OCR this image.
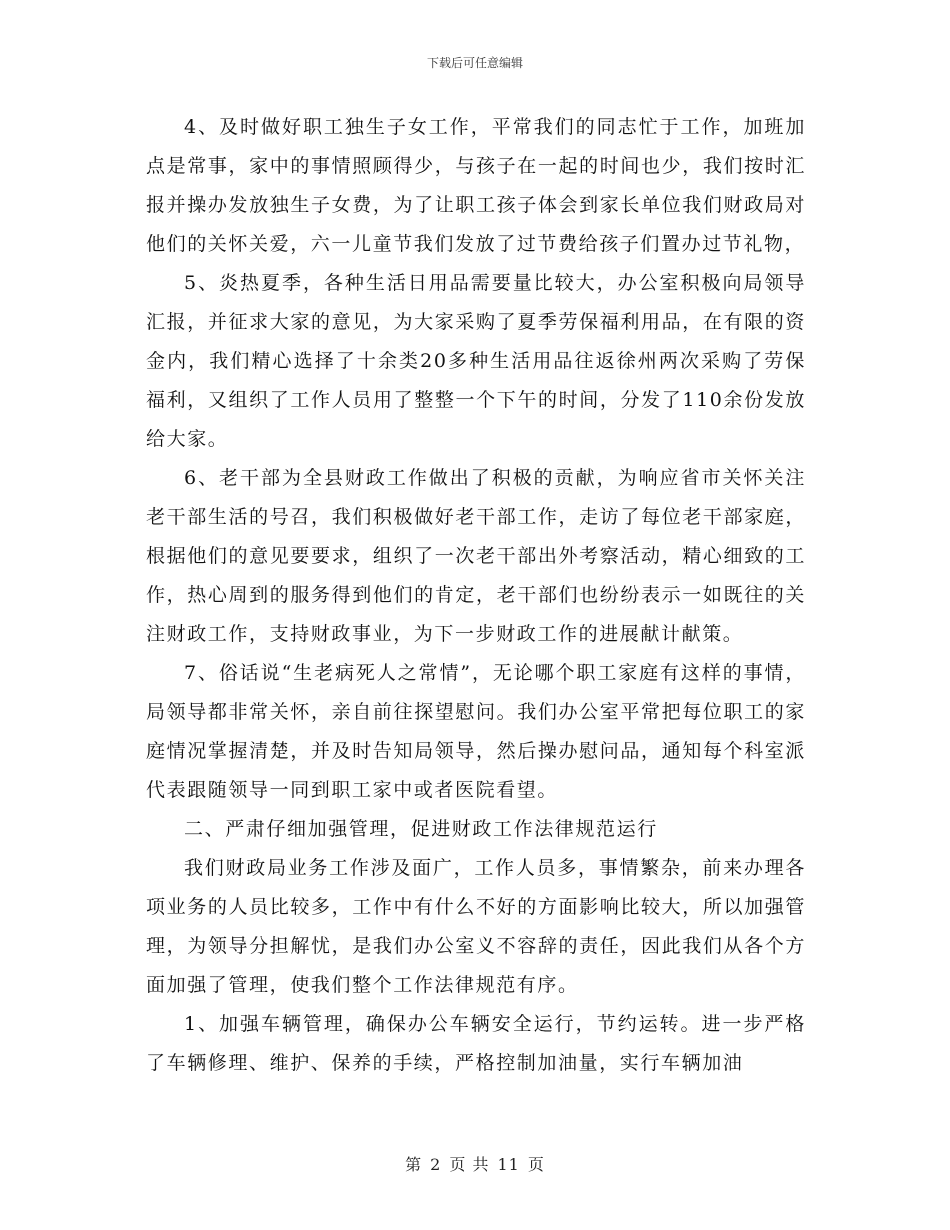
下载后可任意编辑

4、及时做好职工独生子女工作，平常我们的同志忙于工作，加班加点是常事，家中的事情照顾得少，与孩子在一起的时间也少，我们按时汇报并操办发放独生子女费，为了让职工孩子体会到家长单位我们财政局对他们的关怀关爱，六一儿童节我们发放了过节费给孩子们置办过节礼物，

5、炎热夏季，各种生活日用品需要量比较大，办公室积极向局领导汇报，并征求大家的意见，为大家采购了夏季劳保福利用品，在有限的资金内，我们精心选择了十余类20多种生活用品往返徐州两次采购了劳保福利，又组织了工作人员用了整整一个下午的时间，分发了110余份发放给大家。

6、老干部为全县财政工作做出了积极的贡献，为响应省市关怀关注老干部生活的号召，我们积极做好老干部工作，走访了每位老干部家庭，根据他们的意见要要求，组织了一次老干部出外考察活动，精心细致的工作，热心周到的服务得到他们的肯定，老干部们也纷纷表示一如既往的关注财政工作，支持财政事业，为下一步财政工作的进展献计献策。

7、俗话说“生老病死人之常情”，无论哪个职工家庭有这样的事情，局领导都非常关怀，亲自前往探望慰问。我们办公室平常把每位职工的家庭情况掌握清楚，并及时告知局领导，然后操办慰问品，通知每个科室派代表跟随领导一同到职工家中或者医院看望。

二、严肃仔细加强管理，促进财政工作法律规范运行

我们财政局业务工作涉及面广，工作人员多，事情繁杂，前来办理各项业务的人员比较多，工作中有什么不好的方面影响比较大，所以加强管理，为领导分担解忧，是我们办公室义不容辞的责任，因此我们从各个方面加强了管理，使我们整个工作法律规范有序。

1、加强车辆管理，确保办公车辆安全运行，节约运转。进一步严格了车辆修理、维护、保养的手续，严格控制加油量，实行车辆加油

第 2 页 共 11 页
